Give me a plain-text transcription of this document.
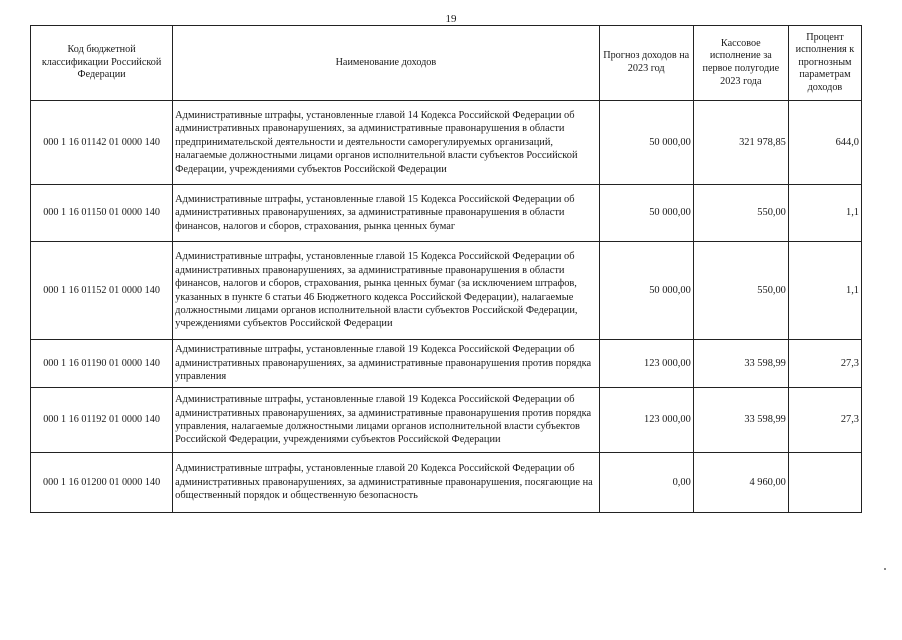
19
Код бюджетной классификации Российской Федерации	Наименование доходов	Прогноз доходов на 2023 год	Кассовое исполнение за первое полугодие 2023 года	Процент исполнения к прогнозным параметрам доходов
000 1 16 01142 01 0000 140	Административные штрафы, установленные главой 14 Кодекса Российской Федерации об административных правонарушениях, за административные правонарушения в области предпринимательской деятельности и деятельности саморегулируемых организаций, налагаемые должностными лицами органов исполнительной власти субъектов Российской Федерации, учреждениями субъектов Российской Федерации	50 000,00	321 978,85	644,0
000 1 16 01150 01 0000 140	Административные штрафы, установленные главой 15 Кодекса Российской Федерации об административных правонарушениях, за административные правонарушения в области финансов, налогов и сборов, страхования, рынка ценных бумаг	50 000,00	550,00	1,1
000 1 16 01152 01 0000 140	Административные штрафы, установленные главой 15 Кодекса Российской Федерации об административных правонарушениях, за административные правонарушения в области финансов, налогов и сборов, страхования, рынка ценных бумаг (за исключением штрафов, указанных в пункте 6 статьи 46 Бюджетного кодекса Российской Федерации), налагаемые должностными лицами органов исполнительной власти субъектов Российской Федерации, учреждениями субъектов Российской Федерации	50 000,00	550,00	1,1
000 1 16 01190 01 0000 140	Административные штрафы, установленные главой 19 Кодекса Российской Федерации об административных правонарушениях, за административные правонарушения против порядка управления	123 000,00	33 598,99	27,3
000 1 16 01192 01 0000 140	Административные штрафы, установленные главой 19 Кодекса Российской Федерации об административных правонарушениях, за административные правонарушения против порядка управления, налагаемые должностными лицами органов исполнительной власти субъектов Российской Федерации, учреждениями субъектов Российской Федерации	123 000,00	33 598,99	27,3
000 1 16 01200 01 0000 140	Административные штрафы, установленные главой 20 Кодекса Российской Федерации об административных правонарушениях, за административные правонарушения, посягающие на общественный порядок и общественную безопасность	0,00	4 960,00	
